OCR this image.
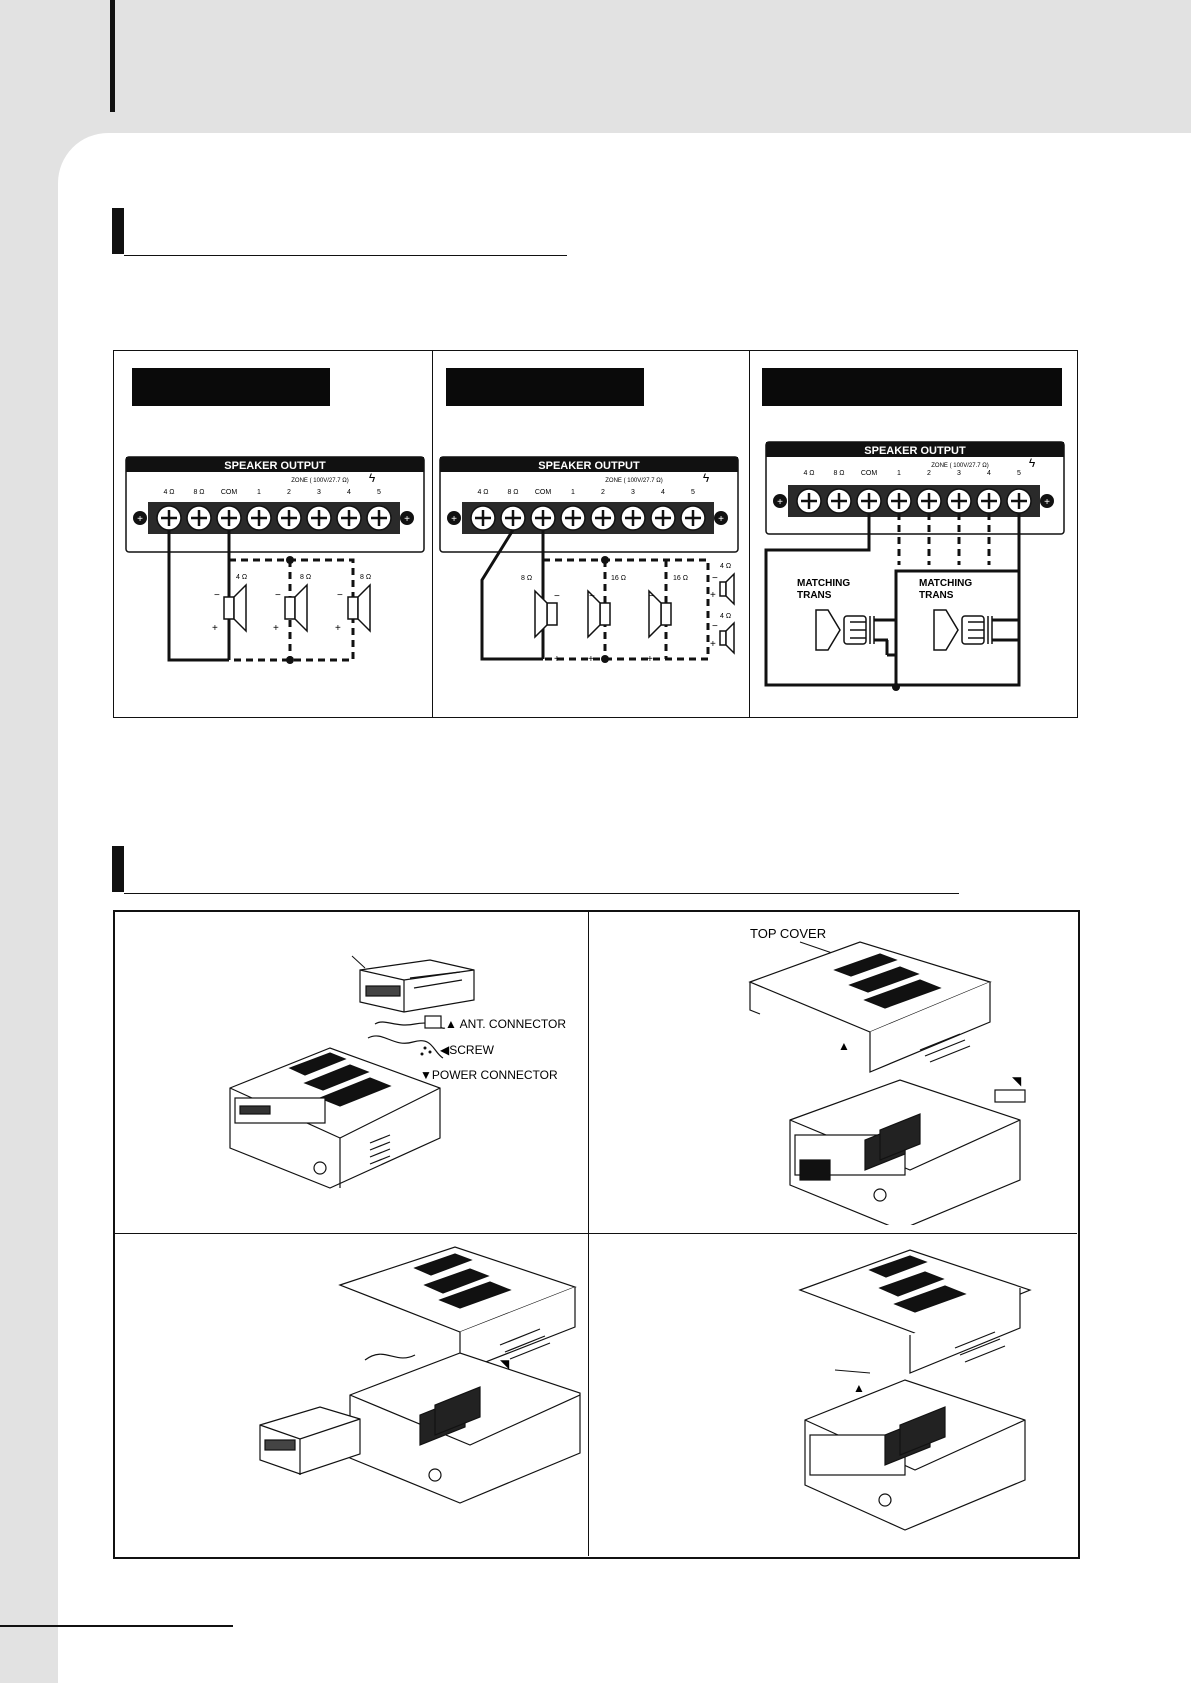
SPEAKER OUTPUT
ZONE ( 100V/27.7 Ω) ϟ
+	+
4 Ω	8 Ω COM	1	2	3	4	5
4 Ω	8 Ω	8 Ω
−
+
−
+
−
+
SPEAKER OUTPUT
ZONE ( 100V/27.7 Ω)	ϟ
+	+
4 Ω	8 Ω COM	1	2	3	4	5
8 Ω	16 Ω	16 Ω
4 Ω
4 Ω
−
+
−
+
−
+
−
+
−
+
SPEAKER OUTPUT
ZONE ( 100V/27.7 Ω)	ϟ
+	+
4 Ω	8 Ω COM	1	2	3	4	5
MATCHING
TRANS
MATCHING
TRANS
▲ ANT. CONNECTOR
◀SCREW
▼POWER CONNECTOR
TOP COVER
▲
◥
◥
▲
